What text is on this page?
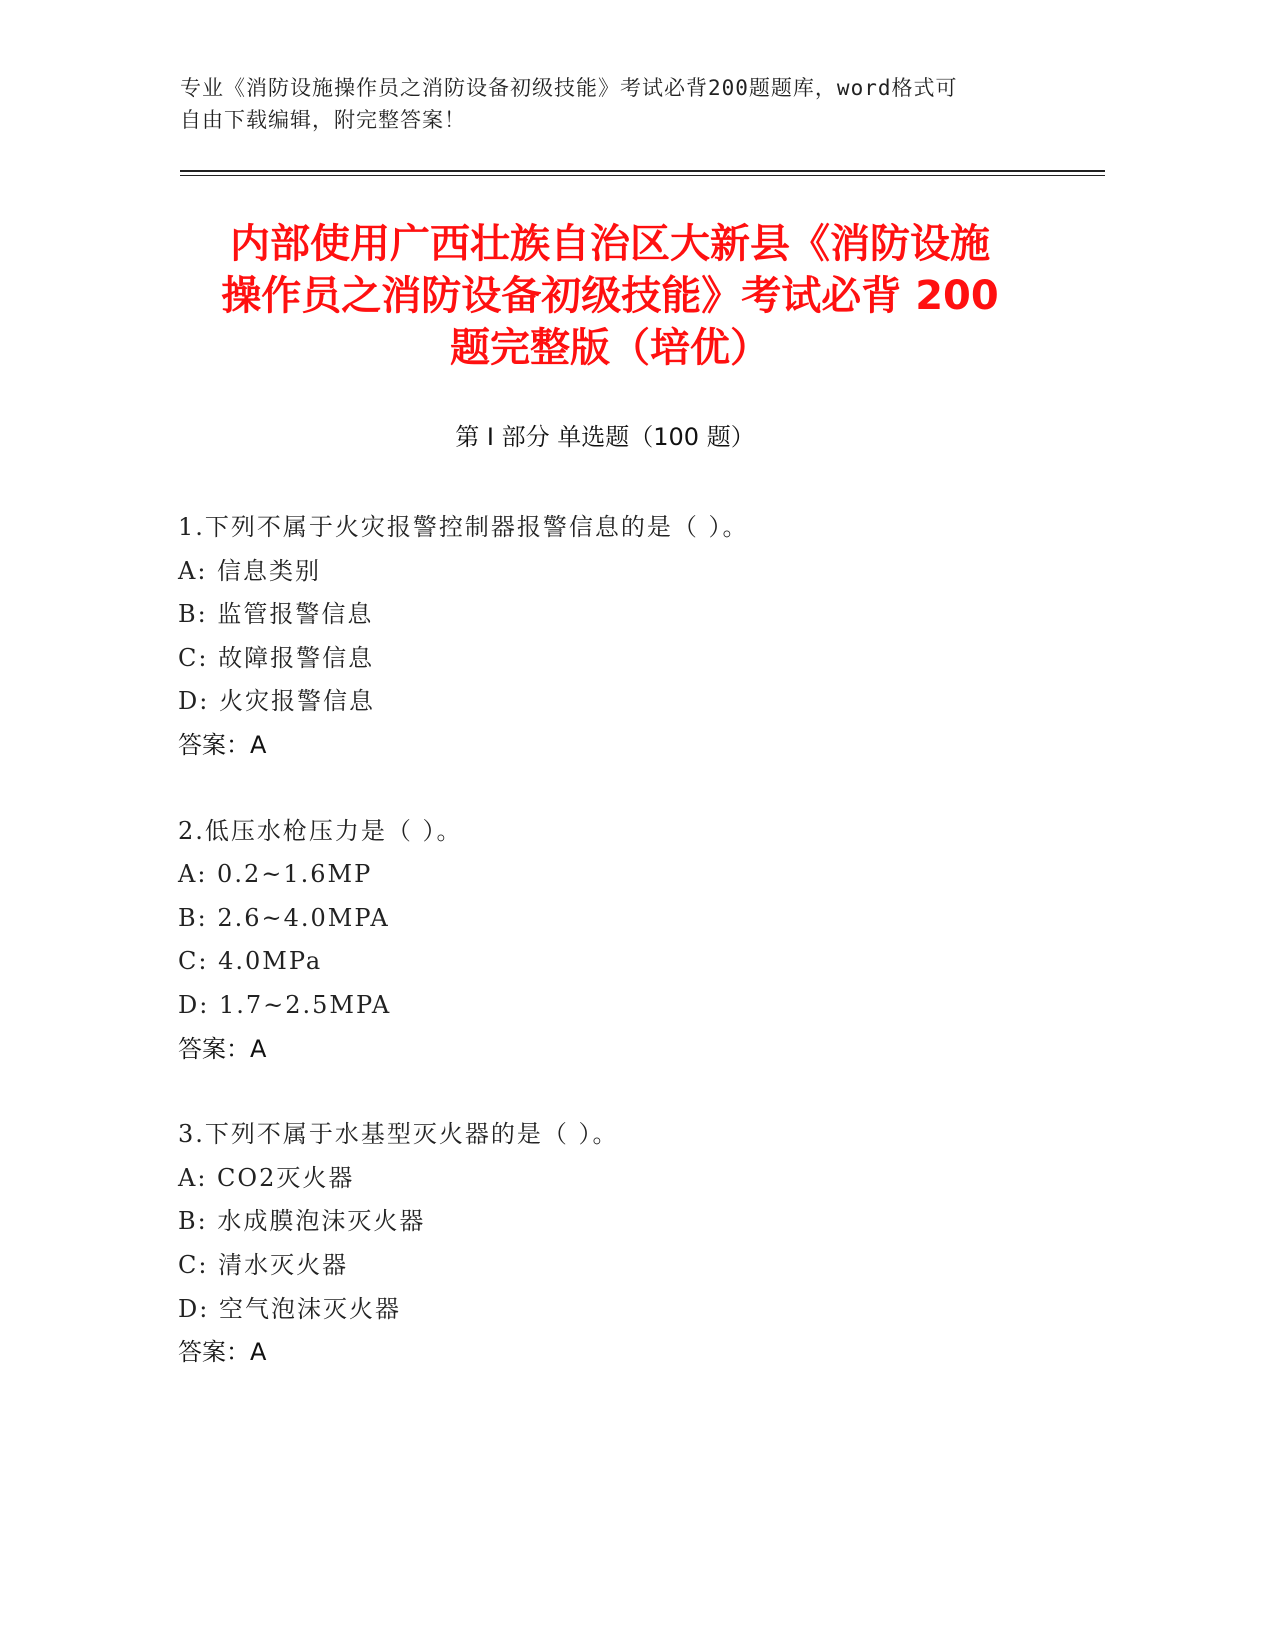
专业《消防设施操作员之消防设备初级技能》考试必背200题题库，word格式可
自由下载编辑，附完整答案！
内部使用广西壮族自治区大新县《消防设施
操作员之消防设备初级技能》考试必背 200
题完整版（培优）
第 I 部分 单选题（100 题）
1.下列不属于火灾报警控制器报警信息的是（ ）。
A: 信息类别
B: 监管报警信息
C: 故障报警信息
D: 火灾报警信息
答案：A
2.低压水枪压力是（ ）。
A: 0.2~1.6MP
B: 2.6~4.0MPA
C: 4.0MPa
D: 1.7~2.5MPA
答案：A
3.下列不属于水基型灭火器的是（ ）。
A: CO2灭火器
B: 水成膜泡沫灭火器
C: 清水灭火器
D: 空气泡沫灭火器
答案：A
